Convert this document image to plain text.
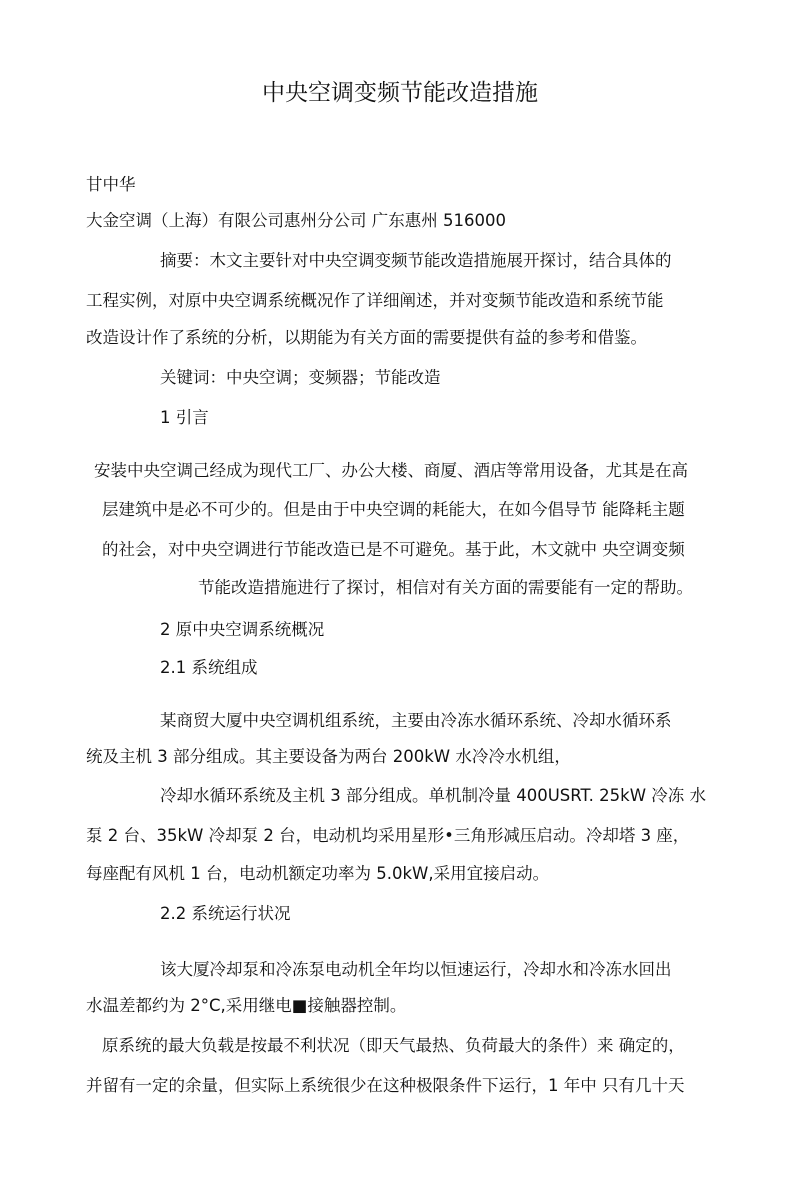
中央空调变频节能改造措施
甘中华
大金空调（上海）有限公司惠州分公司 广东惠州 516000
摘要：木文主要针对中央空调变频节能改造措施展开探讨，结合具体的
工程实例，对原中央空调系统概况作了详细阐述，并对变频节能改造和系统节能
改造设计作了系统的分析，以期能为有关方面的需要提供有益的参考和借鉴。
关键词：中央空调；变频器；节能改造
1 引言
安装中央空调己经成为现代工厂、办公大楼、商厦、酒店等常用设备，尤其是在高
层建筑中是必不可少的。但是由于中央空调的耗能大，在如今倡导节 能降耗主题
的社会，对中央空调进行节能改造已是不可避免。基于此，木文就中 央空调变频
节能改造措施进行了探讨，相信对有关方面的需要能有一定的帮助。
2 原中央空调系统概况
2.1 系统组成
某商贸大厦中央空调机组系统，主要由冷冻水循环系统、冷却水循环系
统及主机 3 部分组成。其主要设备为两台 200kW 水冷冷水机组，
冷却水循环系统及主机 3 部分组成。单机制冷量 400USRT. 25kW 冷冻 水
泵 2 台、35kW 冷却泵 2 台，电动机均采用星形•三角形减压启动。冷却塔 3 座，
每座配有风机 1 台，电动机额定功率为 5.0kW,采用宜接启动。
2.2 系统运行状况
该大厦冷却泵和冷冻泵电动机全年均以恒速运行，冷却水和冷冻水回出
水温差都约为 2°C,采用继电■接触器控制。
原系统的最大负载是按最不利状况（即天气最热、负荷最大的条件）来 确定的，
并留有一定的余量，但实际上系统很少在这种极限条件下运行，1 年中 只有几十天
